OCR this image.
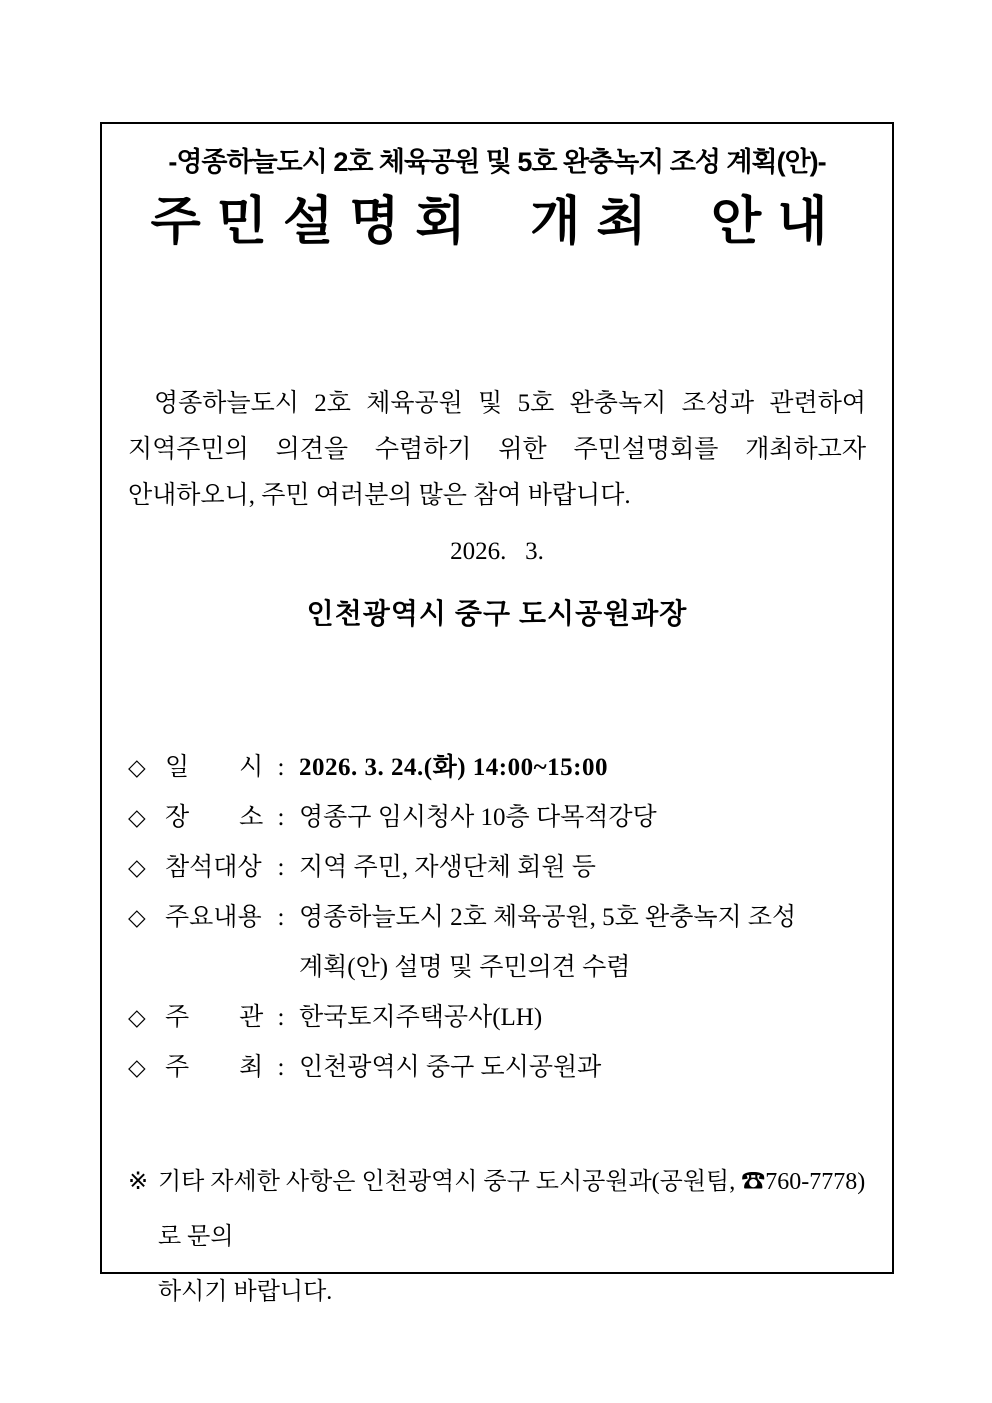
-영종하늘도시 2호 체육공원 및 5호 완충녹지 조성 계획(안)-
주민설명회 개최 안내
영종하늘도시 2호 체육공원 및 5호 완충녹지 조성과 관련하여
지역주민의 의견을 수렴하기 위한 주민설명회를 개최하고자
안내하오니, 주민 여러분의 많은 참여 바랍니다.
2026.   3.
인천광역시 중구 도시공원과장
◇ 일　　시 : 2026. 3. 24.(화) 14:00~15:00
◇ 장　　소 : 영종구 임시청사 10층 다목적강당
◇ 참석대상 : 지역 주민, 자생단체 회원 등
◇ 주요내용 : 영종하늘도시 2호 체육공원, 5호 완충녹지 조성
계획(안) 설명 및 주민의견 수렴
◇ 주　　관 : 한국토지주택공사(LH)
◇ 주　　최 : 인천광역시 중구 도시공원과
※ 기타 자세한 사항은 인천광역시 중구 도시공원과(공원팀, ☎760-7778)로 문의
하시기 바랍니다.
